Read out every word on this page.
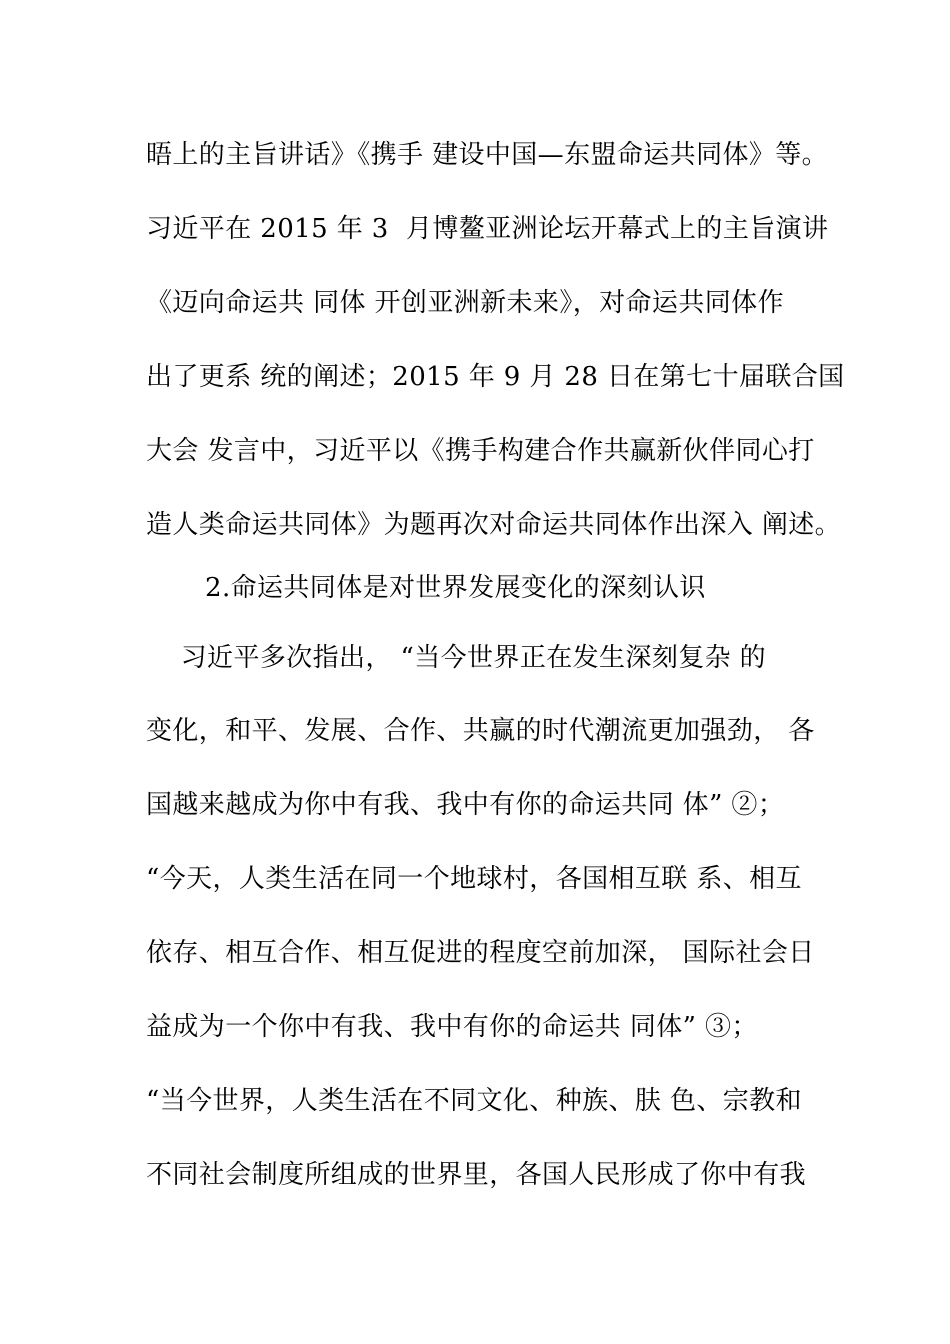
晤上的主旨讲话》《携手 建设中国—东盟命运共同体》等。
习近平在 2015 年 3  月博鳌亚洲论坛开幕式上的主旨演讲
《迈向命运共 同体 开创亚洲新未来》，对命运共同体作
出了更系 统的阐述；2015 年 9 月 28 日在第七十届联合国
大会 发言中，习近平以《携手构建合作共赢新伙伴同心打
造人类命运共同体》为题再次对命运共同体作出深入 阐述。
2.命运共同体是对世界发展变化的深刻认识
习近平多次指出， “当今世界正在发生深刻复杂 的
变化，和平、发展、合作、共赢的时代潮流更加强劲， 各
国越来越成为你中有我、我中有你的命运共同 体” ②；
“今天，人类生活在同一个地球村，各国相互联 系、相互
依存、相互合作、相互促进的程度空前加深， 国际社会日
益成为一个你中有我、我中有你的命运共 同体” ③；
“当今世界，人类生活在不同文化、种族、肤 色、宗教和
不同社会制度所组成的世界里，各国人民形成了你中有我
